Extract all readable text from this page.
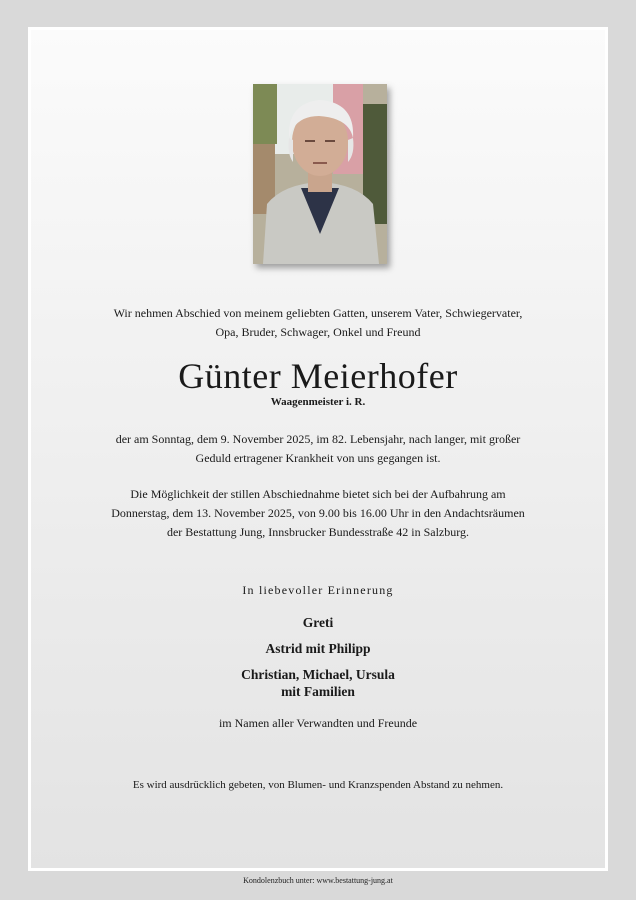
Wir nehmen Abschied von meinem geliebten Gatten, unserem Vater, Schwiegervater,
Opa, Bruder, Schwager, Onkel und Freund
Günter Meierhofer
Waagenmeister i. R.
der am Sonntag, dem 9. November 2025, im 82. Lebensjahr, nach langer, mit großer
Geduld ertragener Krankheit von uns gegangen ist.
Die Möglichkeit der stillen Abschiednahme bietet sich bei der Aufbahrung am
Donnerstag, dem 13. November 2025, von 9.00 bis 16.00 Uhr in den Andachtsräumen
der Bestattung Jung, Innsbrucker Bundesstraße 42 in Salzburg.
In liebevoller Erinnerung
Greti
Astrid mit Philipp
Christian, Michael, Ursula
mit Familien
im Namen aller Verwandten und Freunde
Es wird ausdrücklich gebeten, von Blumen- und Kranzspenden Abstand zu nehmen.
Kondolenzbuch unter: www.bestattung-jung.at
